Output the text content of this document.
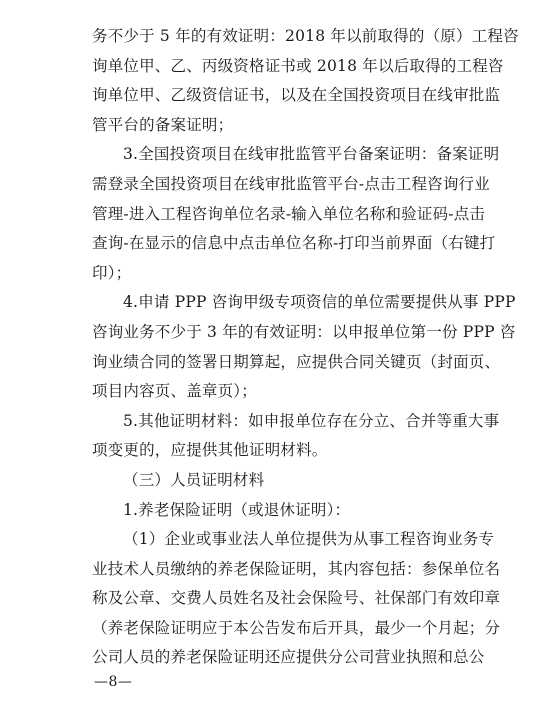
务不少于 5 年的有效证明：2018 年以前取得的（原）工程咨
询单位甲、乙、丙级资格证书或 2018 年以后取得的工程咨
询单位甲、乙级资信证书，以及在全国投资项目在线审批监
管平台的备案证明；
3.全国投资项目在线审批监管平台备案证明：备案证明
需登录全国投资项目在线审批监管平台-点击工程咨询行业
管理-进入工程咨询单位名录-输入单位名称和验证码-点击
查询-在显示的信息中点击单位名称-打印当前界面（右键打
印）；
4.申请 PPP 咨询甲级专项资信的单位需要提供从事 PPP
咨询业务不少于 3 年的有效证明：以申报单位第一份 PPP 咨
询业绩合同的签署日期算起，应提供合同关键页（封面页、
项目内容页、盖章页）；
5.其他证明材料：如申报单位存在分立、合并等重大事
项变更的，应提供其他证明材料。
（三）人员证明材料
1.养老保险证明（或退休证明）：
（1）企业或事业法人单位提供为从事工程咨询业务专
业技术人员缴纳的养老保险证明，其内容包括：参保单位名
称及公章、交费人员姓名及社会保险号、社保部门有效印章
（养老保险证明应于本公告发布后开具，最少一个月起；分
公司人员的养老保险证明还应提供分公司营业执照和总公
—8—
